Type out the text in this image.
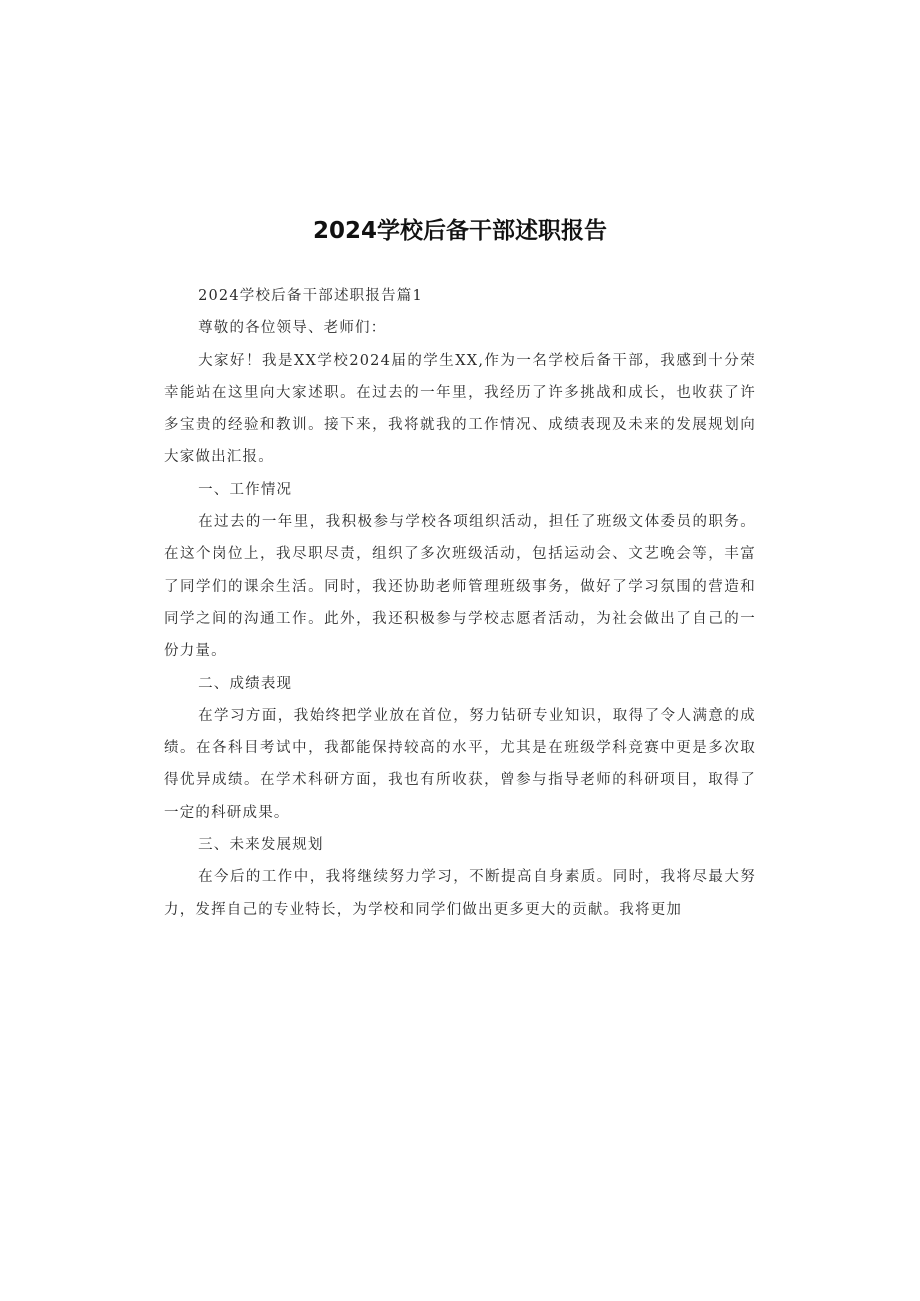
2024学校后备干部述职报告

2024学校后备干部述职报告篇1

尊敬的各位领导、老师们：

大家好！我是XX学校2024届的学生XX,作为一名学校后备干部，我感到十分荣幸能站在这里向大家述职。在过去的一年里，我经历了许多挑战和成长，也收获了许多宝贵的经验和教训。接下来，我将就我的工作情况、成绩表现及未来的发展规划向大家做出汇报。

一、工作情况

在过去的一年里，我积极参与学校各项组织活动，担任了班级文体委员的职务。在这个岗位上，我尽职尽责，组织了多次班级活动，包括运动会、文艺晚会等，丰富了同学们的课余生活。同时，我还协助老师管理班级事务，做好了学习氛围的营造和同学之间的沟通工作。此外，我还积极参与学校志愿者活动，为社会做出了自己的一份力量。

二、成绩表现

在学习方面，我始终把学业放在首位，努力钻研专业知识，取得了令人满意的成绩。在各科目考试中，我都能保持较高的水平，尤其是在班级学科竞赛中更是多次取得优异成绩。在学术科研方面，我也有所收获，曾参与指导老师的科研项目，取得了一定的科研成果。

三、未来发展规划

在今后的工作中，我将继续努力学习，不断提高自身素质。同时，我将尽最大努力，发挥自己的专业特长，为学校和同学们做出更多更大的贡献。我将更加
